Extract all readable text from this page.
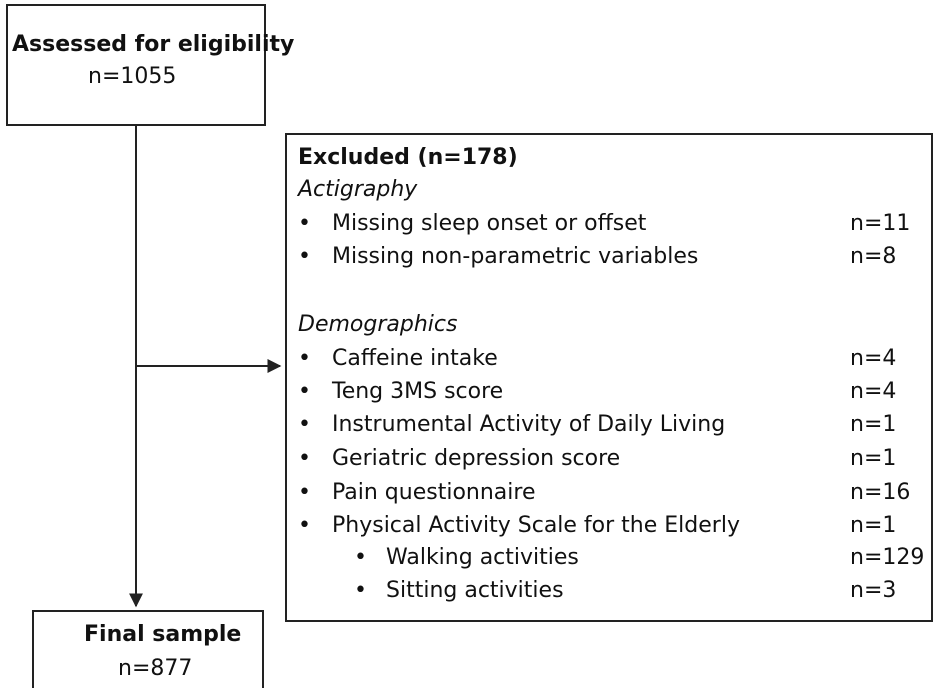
Assessed for eligibility
n=1055
Excluded (n=178)
Actigraphy
• Missing sleep onset or offset	n=11
• Missing non-parametric variables	n=8
Demographics
• Caffeine intake	n=4
• Teng 3MS score	n=4
• Instrumental Activity of Daily Living	n=1
• Geriatric depression score	n=1
• Pain questionnaire	n=16
• Physical Activity Scale for the Elderly	n=1
• Walking activities	n=129
• Sitting activities	n=3
Final sample
n=877
